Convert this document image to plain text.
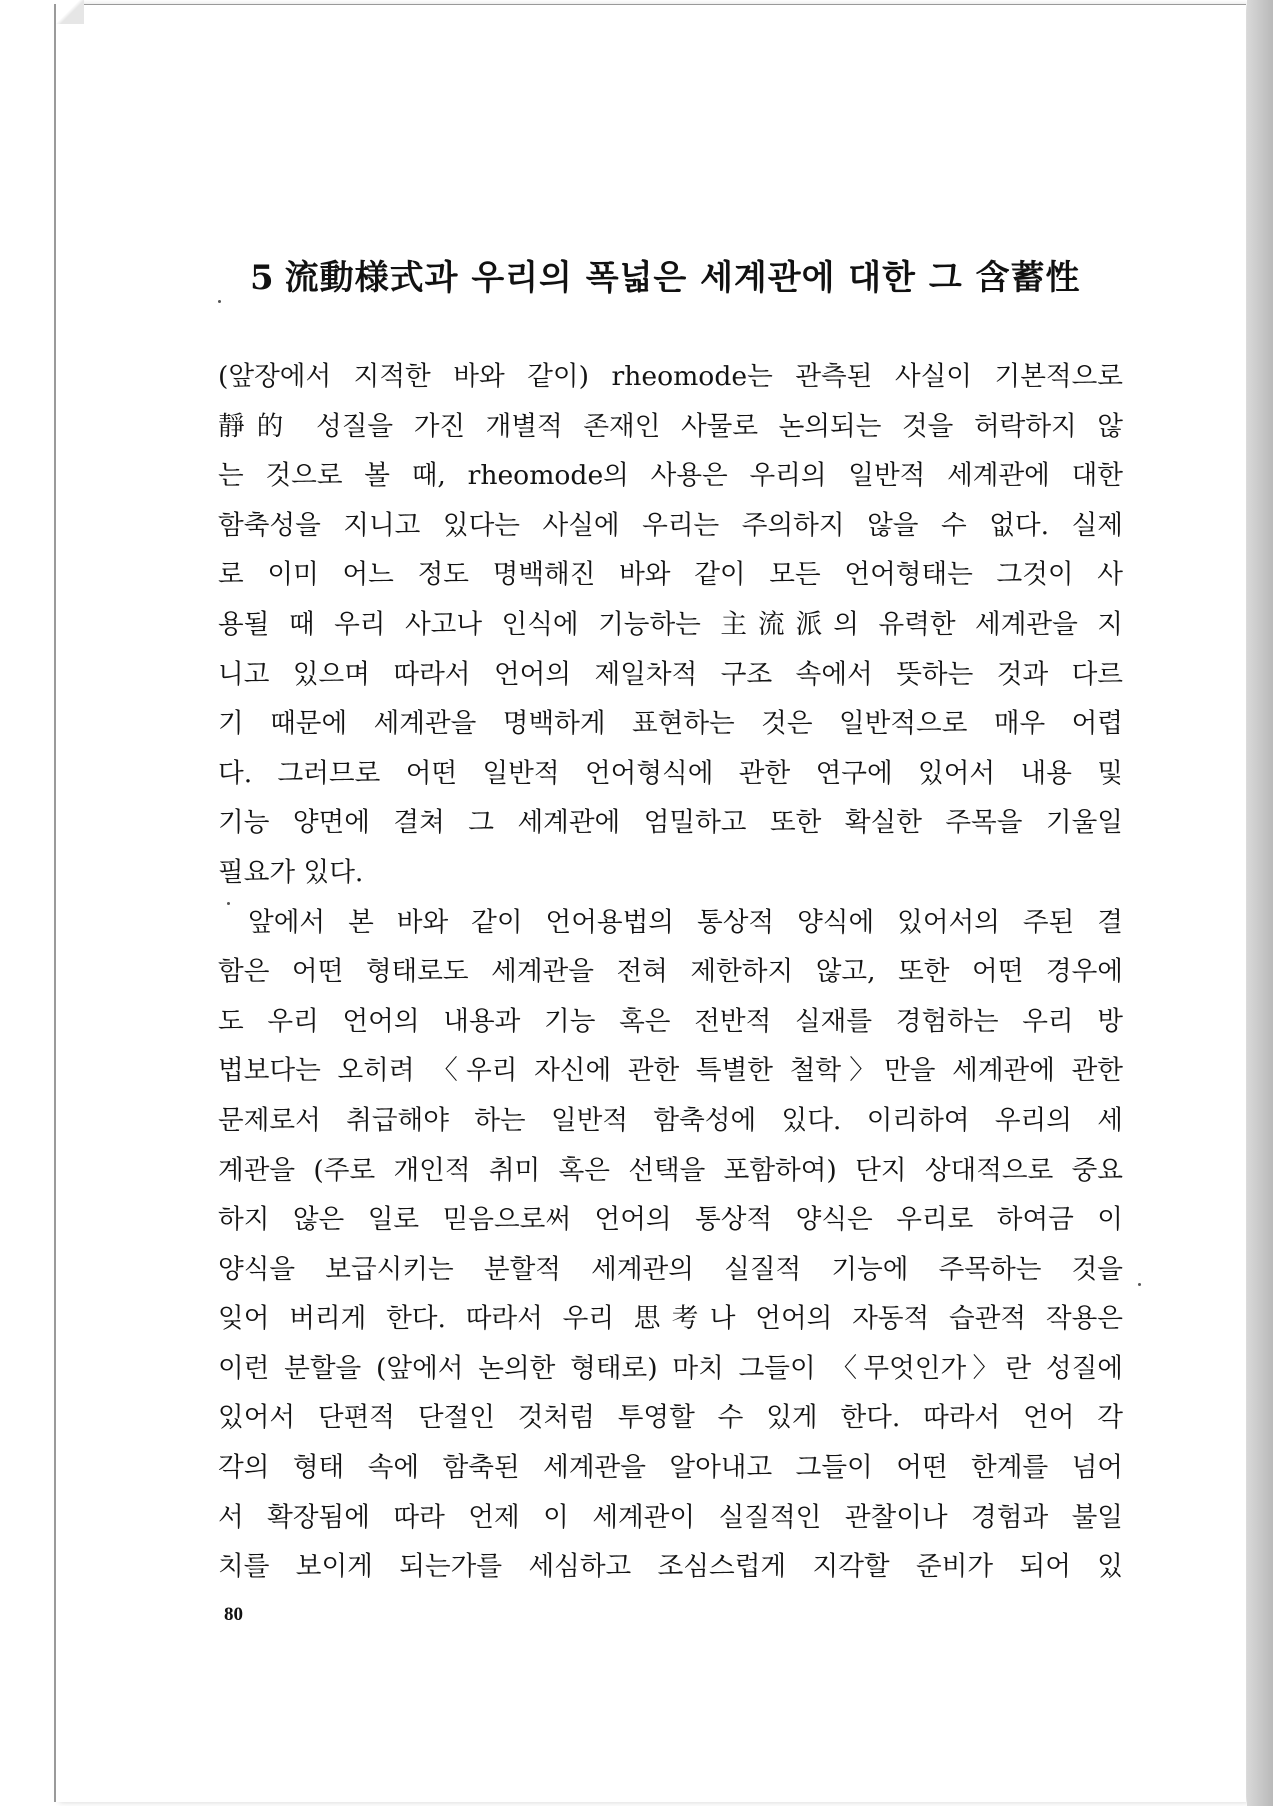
5 流動様式과 우리의 폭넓은 세계관에 대한 그 含蓄性
(앞장에서 지적한 바와 같이) rheomode는 관측된 사실이 기본적으로
靜的 성질을 가진 개별적 존재인 사물로 논의되는 것을 허락하지 않
는 것으로 볼 때, rheomode의 사용은 우리의 일반적 세계관에 대한
함축성을 지니고 있다는 사실에 우리는 주의하지 않을 수 없다. 실제
로 이미 어느 정도 명백해진 바와 같이 모든 언어형태는 그것이 사
용될 때 우리 사고나 인식에 기능하는 主流派의 유력한 세계관을 지
니고 있으며 따라서 언어의 제일차적 구조 속에서 뜻하는 것과 다르
기 때문에 세계관을 명백하게 표현하는 것은 일반적으로 매우 어렵
다. 그러므로 어떤 일반적 언어형식에 관한 연구에 있어서 내용 및
기능 양면에 결쳐 그 세계관에 엄밀하고 또한 확실한 주목을 기울일
필요가 있다.
앞에서 본 바와 같이 언어용법의 통상적 양식에 있어서의 주된 결
함은 어떤 형태로도 세계관을 전혀 제한하지 않고, 또한 어떤 경우에
도 우리 언어의 내용과 기능 혹은 전반적 실재를 경험하는 우리 방
법보다는 오히려 〈우리 자신에 관한 특별한 철학〉만을 세계관에 관한
문제로서 취급해야 하는 일반적 함축성에 있다. 이리하여 우리의 세
계관을 (주로 개인적 취미 혹은 선택을 포함하여) 단지 상대적으로 중요
하지 않은 일로 믿음으로써 언어의 통상적 양식은 우리로 하여금 이
양식을 보급시키는 분할적 세계관의 실질적 기능에 주목하는 것을
잊어 버리게 한다. 따라서 우리 思考나 언어의 자동적 습관적 작용은
이런 분할을 (앞에서 논의한 형태로) 마치 그들이 〈무엇인가〉란 성질에
있어서 단편적 단절인 것처럼 투영할 수 있게 한다. 따라서 언어 각
각의 형태 속에 함축된 세계관을 알아내고 그들이 어떤 한계를 넘어
서 확장됨에 따라 언제 이 세계관이 실질적인 관찰이나 경험과 불일
치를 보이게 되는가를 세심하고 조심스럽게 지각할 준비가 되어 있
80
